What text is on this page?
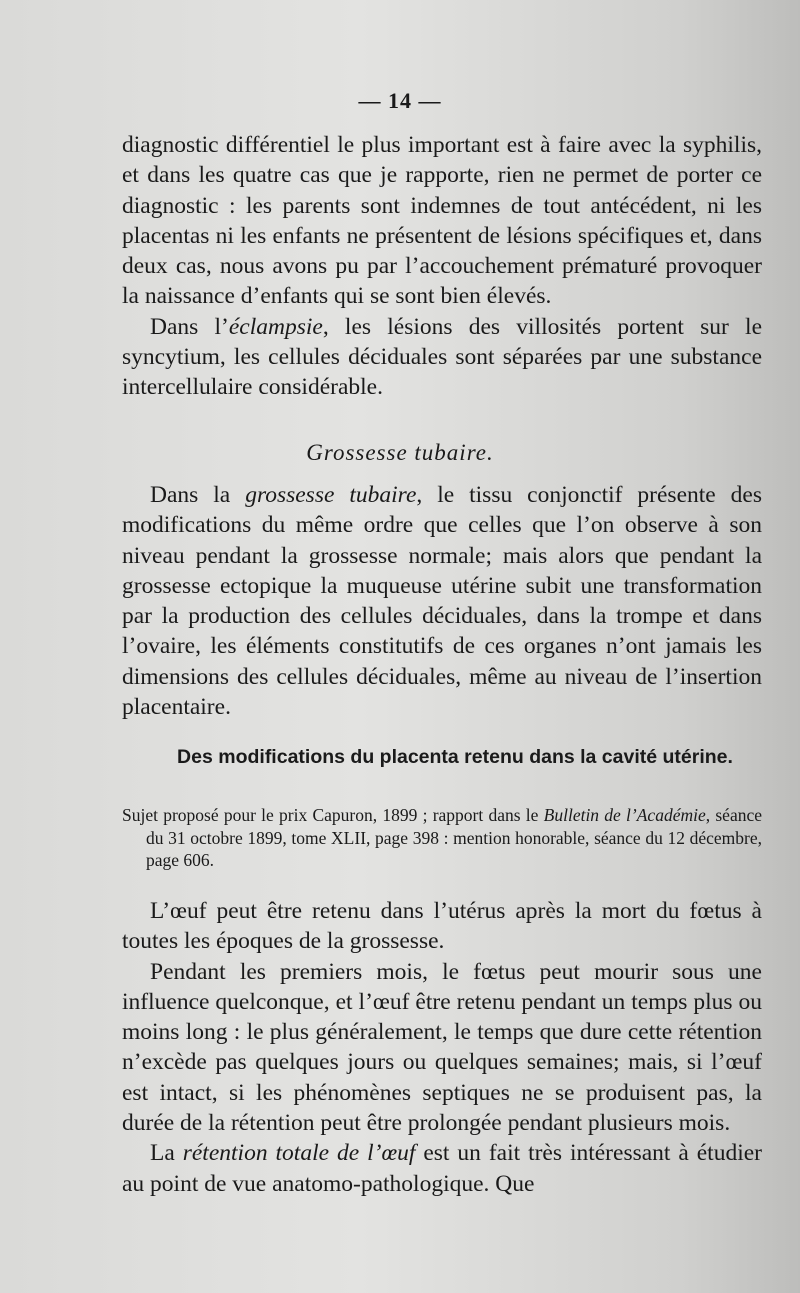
— 14 —

diagnostic différentiel le plus important est à faire avec la syphilis, et dans les quatre cas que je rapporte, rien ne permet de porter ce diagnostic : les parents sont indemnes de tout antécédent, ni les placentas ni les enfants ne présentent de lésions spécifiques et, dans deux cas, nous avons pu par l’accouchement prématuré provoquer la naissance d’enfants qui se sont bien élevés.

Dans l’éclampsie, les lésions des villosités portent sur le syncytium, les cellules déciduales sont séparées par une substance intercellulaire considérable.

Grossesse tubaire.

Dans la grossesse tubaire, le tissu conjonctif présente des modifications du même ordre que celles que l’on observe à son niveau pendant la grossesse normale; mais alors que pendant la grossesse ectopique la muqueuse utérine subit une transformation par la production des cellules déciduales, dans la trompe et dans l’ovaire, les éléments constitutifs de ces organes n’ont jamais les dimensions des cellules déciduales, même au niveau de l’insertion placentaire.

Des modifications du placenta retenu dans la cavité utérine.

Sujet proposé pour le prix Capuron, 1899 ; rapport dans le Bulletin de l’Académie, séance du 31 octobre 1899, tome XLII, page 398 : mention honorable, séance du 12 décembre, page 606.

L’œuf peut être retenu dans l’utérus après la mort du fœtus à toutes les époques de la grossesse.

Pendant les premiers mois, le fœtus peut mourir sous une influence quelconque, et l’œuf être retenu pendant un temps plus ou moins long : le plus généralement, le temps que dure cette rétention n’excède pas quelques jours ou quelques semaines; mais, si l’œuf est intact, si les phénomènes septiques ne se produisent pas, la durée de la rétention peut être prolongée pendant plusieurs mois.

La rétention totale de l’œuf est un fait très intéressant à étudier au point de vue anatomo-pathologique. Que
